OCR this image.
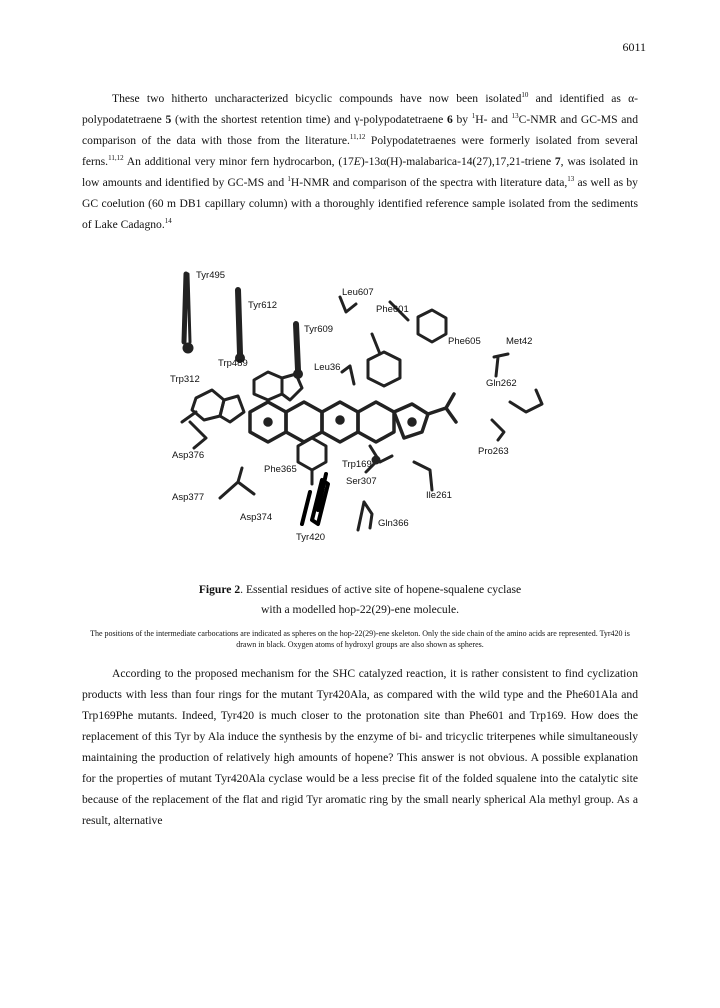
6011

These two hitherto uncharacterized bicyclic compounds have now been isolated$^{10}$ and identified as α-polypodatetraene 5 (with the shortest retention time) and γ-polypodatetraene 6 by $^1$H- and $^{13}$C-NMR and GC-MS and comparison of the data with those from the literature.$^{11,12}$ Polypodatetraenes were formerly isolated from several ferns.$^{11,12}$ An additional very minor fern hydrocarbon, (17E)-13α(H)-malabarica-14(27),17,21-triene 7, was isolated in low amounts and identified by GC-MS and $^1$H-NMR and comparison of the spectra with literature data,$^{13}$ as well as by GC coelution (60 m DB1 capillary column) with a thoroughly identified reference sample isolated from the sediments of Lake Cadagno.$^{14}$

Tyr495
Tyr612
Leu607
Phe601
Tyr609
Phe605	Met42
Trp489	Leu36
Trp312	Gln262
Asp376	Pro263
Phe365	Trp169
Ser307
Ile261
Asp377
Asp374
Gln366
Tyr420
Figure 2. Essential residues of active site of hopene-squalene cyclase
with a modelled hop-22(29)-ene molecule.
The positions of the intermediate carbocations are indicated as spheres on the hop-22(29)-ene skeleton. Only the side chain of the amino acids are represented. Tyr420 is drawn in black. Oxygen atoms of hydroxyl groups are also shown as spheres.

According to the proposed mechanism for the SHC catalyzed reaction, it is rather consistent to find cyclization products with less than four rings for the mutant Tyr420Ala, as compared with the wild type and the Phe601Ala and Trp169Phe mutants. Indeed, Tyr420 is much closer to the protonation site than Phe601 and Trp169. How does the replacement of this Tyr by Ala induce the synthesis by the enzyme of bi- and tricyclic triterpenes while simultaneously maintaining the production of relatively high amounts of hopene? This answer is not obvious. A possible explanation for the properties of mutant Tyr420Ala cyclase would be a less precise fit of the folded squalene into the catalytic site because of the replacement of the flat and rigid Tyr aromatic ring by the small nearly spherical Ala methyl group. As a result, alternative
